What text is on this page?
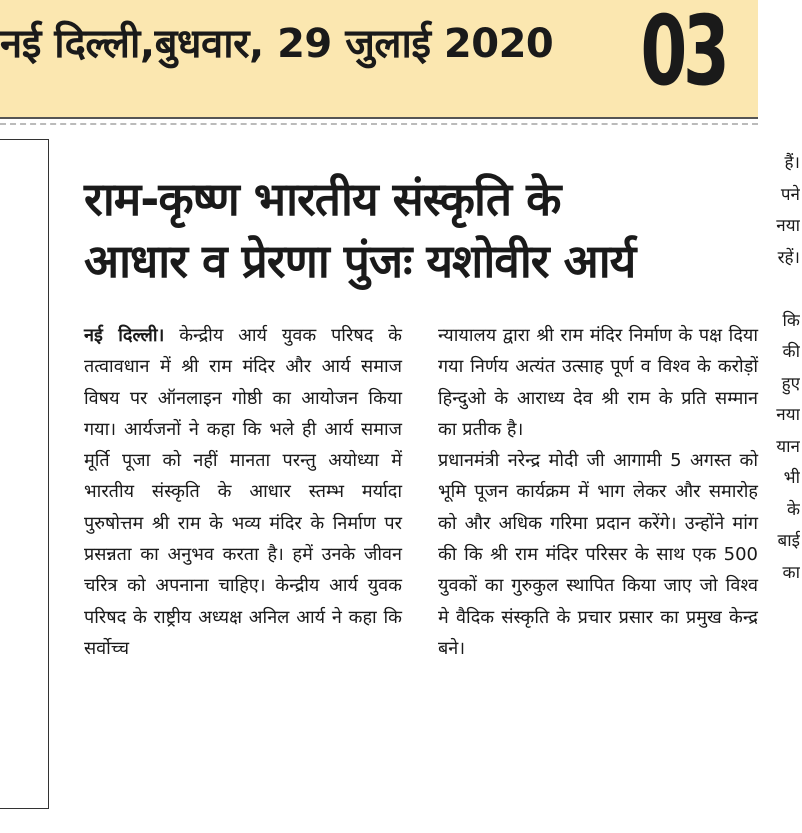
नई दिल्ली,बुधवार, 29 जुलाई 2020 03
हैं।
पने
नया
रहें।
कि
की
हुए
नया
यान
भी
के
बाई
का
राम-कृष्ण भारतीय संस्कृति के
आधार व प्रेरणा पुंजः यशोवीर आर्य
नई दिल्ली। केन्द्रीय आर्य युवक परिषद के तत्वावधान में श्री राम मंदिर और आर्य समाज विषय पर ऑनलाइन गोष्ठी का आयोजन किया गया। आर्यजनों ने कहा कि भले ही आर्य समाज मूर्ति पूजा को नहीं मानता परन्तु अयोध्या में भारतीय संस्कृति के आधार स्तम्भ मर्यादा पुरुषोत्तम श्री राम के भव्य मंदिर के निर्माण पर प्रसन्नता का अनुभव करता है। हमें उनके जीवन चरित्र को अपनाना चाहिए। केन्द्रीय आर्य युवक परिषद के राष्ट्रीय अध्यक्ष अनिल आर्य ने कहा कि सर्वोच्च
न्यायालय द्वारा श्री राम मंदिर निर्माण के पक्ष दिया गया निर्णय अत्यंत उत्साह पूर्ण व विश्व के करोड़ों हिन्दुओ के आराध्य देव श्री राम के प्रति सम्मान का प्रतीक है।
प्रधानमंत्री नरेन्द्र मोदी जी आगामी 5 अगस्त को भूमि पूजन कार्यक्रम में भाग लेकर और समारोह को और अधिक गरिमा प्रदान करेंगे। उन्होंने मांग की कि श्री राम मंदिर परिसर के साथ एक 500 युवकों का गुरुकुल स्थापित किया जाए जो विश्व मे वैदिक संस्कृति के प्रचार प्रसार का प्रमुख केन्द्र बने।
